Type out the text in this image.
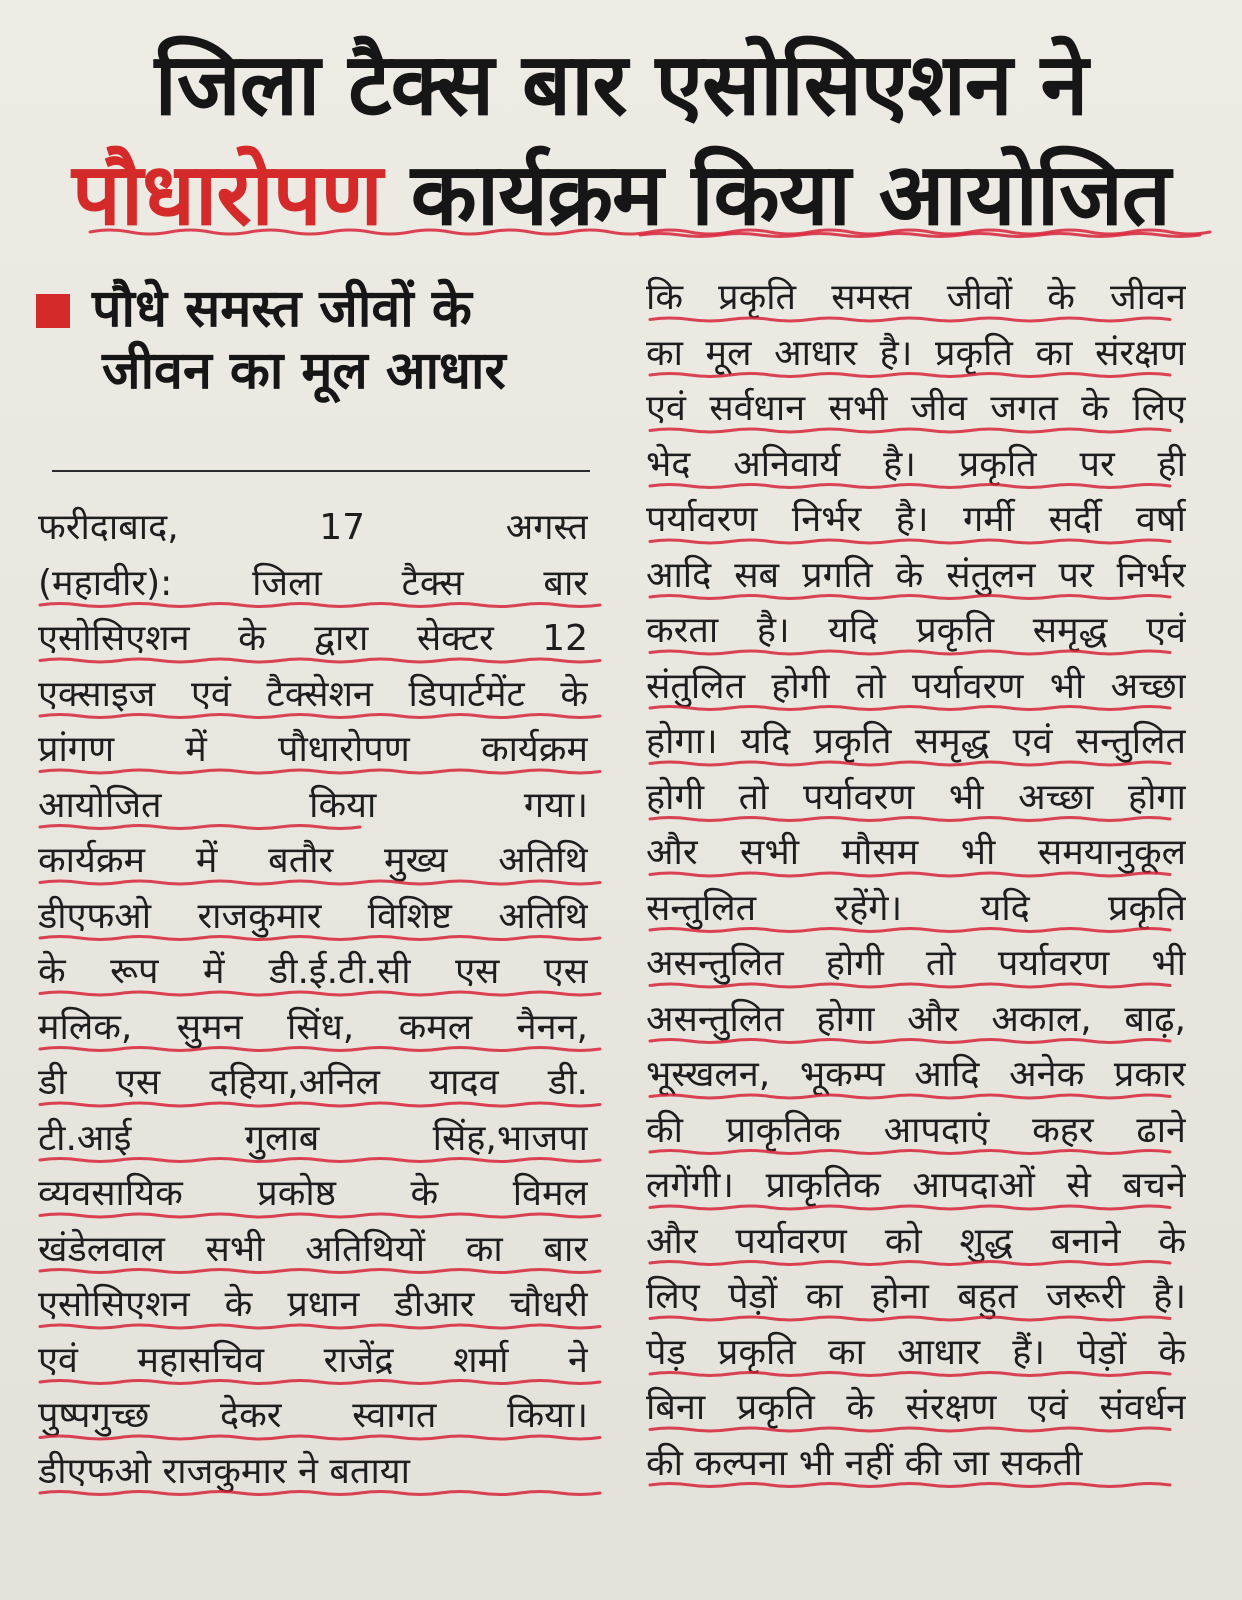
जिला टैक्स बार एसोसिएशन ने
पौधारोपण कार्यक्रम किया आयोजित
पौधे समस्त जीवों के
जीवन का मूल आधार
फरीदाबाद, 17 अगस्त
(महावीर): जिला टैक्स बार
एसोसिएशन के द्वारा सेक्टर 12
एक्साइज एवं टैक्सेशन डिपार्टमेंट के
प्रांगण में पौधारोपण कार्यक्रम
आयोजित किया गया।
कार्यक्रम में बतौर मुख्य अतिथि
डीएफओ राजकुमार विशिष्ट अतिथि
के रूप में डी.ई.टी.सी एस एस
मलिक, सुमन सिंध, कमल नैनन,
डी एस दहिया,अनिल यादव डी.
टी.आई गुलाब सिंह,भाजपा
व्यवसायिक प्रकोष्ठ के विमल
खंडेलवाल सभी अतिथियों का बार
एसोसिएशन के प्रधान डीआर चौधरी
एवं महासचिव राजेंद्र शर्मा ने
पुष्पगुच्छ देकर स्वागत किया।
डीएफओ राजकुमार ने बताया
कि प्रकृति समस्त जीवों के जीवन
का मूल आधार है। प्रकृति का संरक्षण
एवं सर्वधान सभी जीव जगत के लिए
भेद अनिवार्य है। प्रकृति पर ही
पर्यावरण निर्भर है। गर्मी सर्दी वर्षा
आदि सब प्रगति के संतुलन पर निर्भर
करता है। यदि प्रकृति समृद्ध एवं
संतुलित होगी तो पर्यावरण भी अच्छा
होगा। यदि प्रकृति समृद्ध एवं सन्तुलित
होगी तो पर्यावरण भी अच्छा होगा
और सभी मौसम भी समयानुकूल
सन्तुलित रहेंगे। यदि प्रकृति
असन्तुलित होगी तो पर्यावरण भी
असन्तुलित होगा और अकाल, बाढ़,
भूस्खलन, भूकम्प आदि अनेक प्रकार
की प्राकृतिक आपदाएं कहर ढाने
लगेंगी। प्राकृतिक आपदाओं से बचने
और पर्यावरण को शुद्ध बनाने के
लिए पेड़ों का होना बहुत जरूरी है।
पेड़ प्रकृति का आधार हैं। पेड़ों के
बिना प्रकृति के संरक्षण एवं संवर्धन
की कल्पना भी नहीं की जा सकती
